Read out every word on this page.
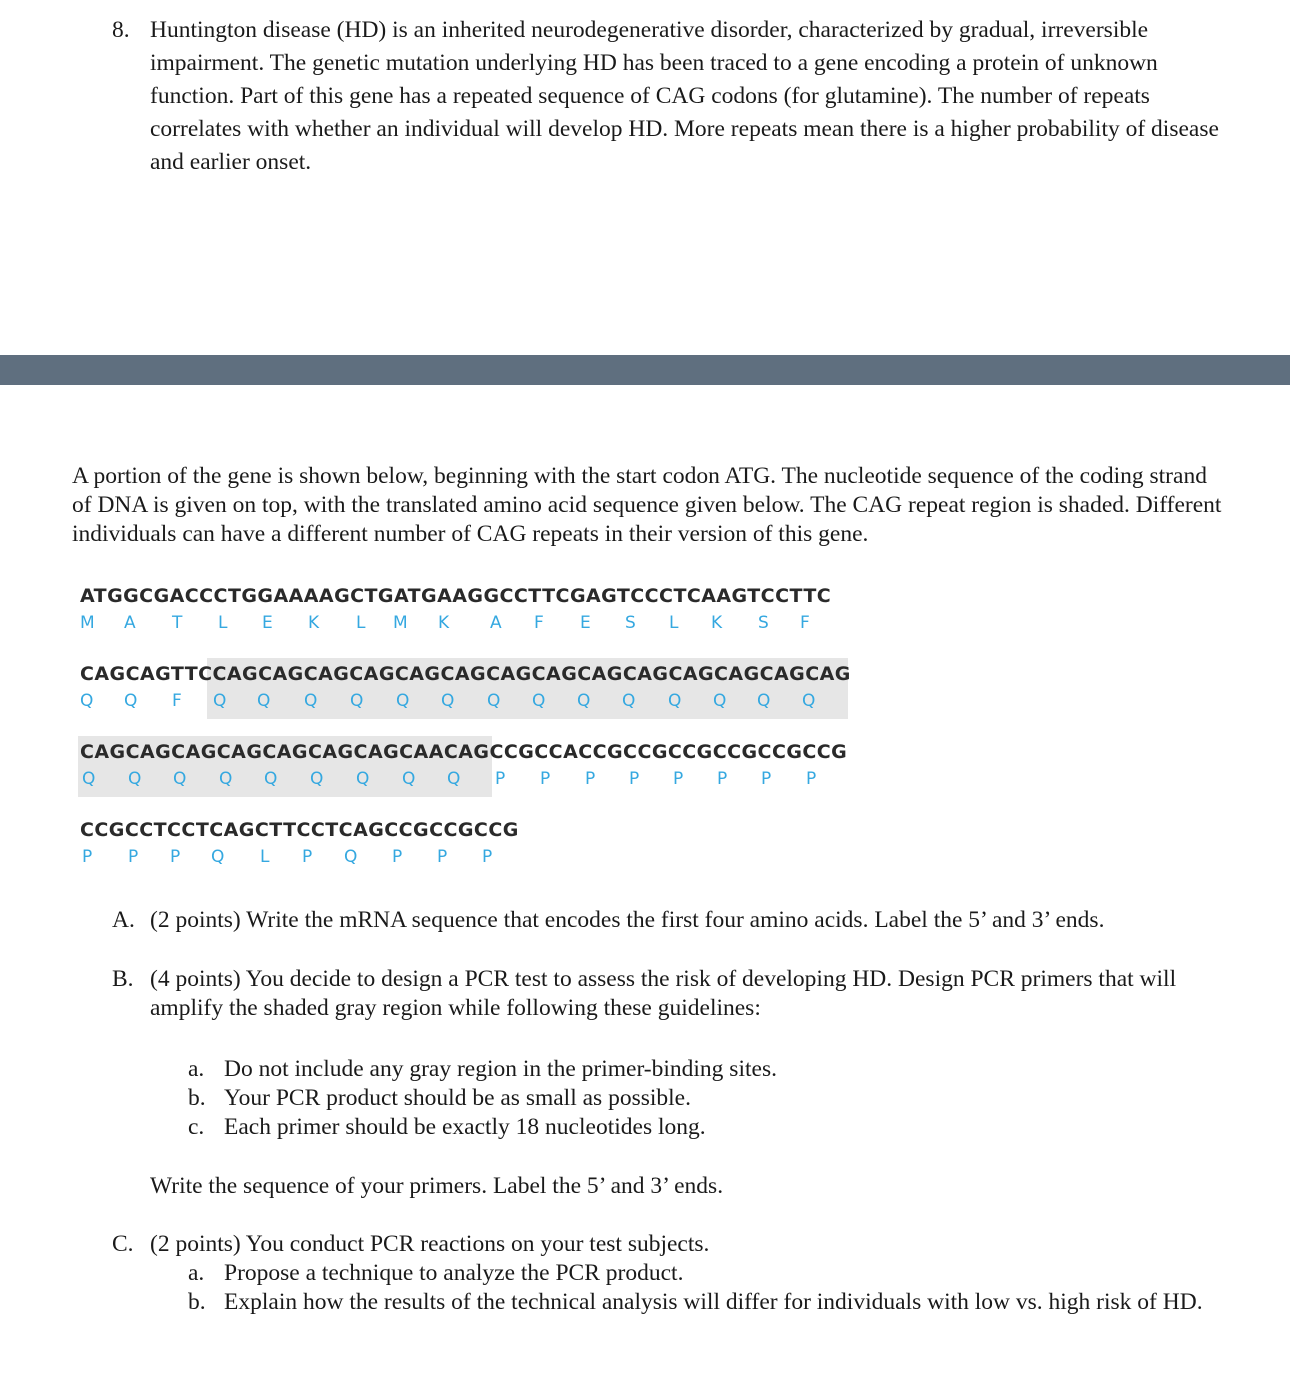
8. Huntington disease (HD) is an inherited neurodegenerative disorder, characterized by gradual, irreversible impairment. The genetic mutation underlying HD has been traced to a gene encoding a protein of unknown function. Part of this gene has a repeated sequence of CAG codons (for glutamine). The number of repeats correlates with whether an individual will develop HD. More repeats mean there is a higher probability of disease and earlier onset.
A portion of the gene is shown below, beginning with the start codon ATG. The nucleotide sequence of the coding strand of DNA is given on top, with the translated amino acid sequence given below. The CAG repeat region is shaded. Different individuals can have a different number of CAG repeats in their version of this gene.
ATGGCGACCCTGGAAAAGCTGATGAAGGCCTTCGAGTCCCTCAAGTCCTTC
M A T L E K L M K A F E S L K S F
CAGCAGTTCCAGCAGCAGCAGCAGCAGCAGCAGCAGCAGCAGCAGCAGCAG
Q Q F Q Q Q Q Q Q Q Q Q Q Q Q Q Q
CAGCAGCAGCAGCAGCAGCAGCAACAGCCGCCACCGCCGCCGCCGCCGCCG
Q Q Q Q Q Q Q Q Q P P P P P P P P
CCGCCTCCTCAGCTTCCTCAGCCGCCGCCG
P P P Q L P Q P P P
A. (2 points) Write the mRNA sequence that encodes the first four amino acids. Label the 5’ and 3’ ends.
B. (4 points) You decide to design a PCR test to assess the risk of developing HD. Design PCR primers that will amplify the shaded gray region while following these guidelines:
a. Do not include any gray region in the primer-binding sites.
b. Your PCR product should be as small as possible.
c. Each primer should be exactly 18 nucleotides long.
Write the sequence of your primers. Label the 5’ and 3’ ends.
C. (2 points) You conduct PCR reactions on your test subjects.
a. Propose a technique to analyze the PCR product.
b. Explain how the results of the technical analysis will differ for individuals with low vs. high risk of HD.
